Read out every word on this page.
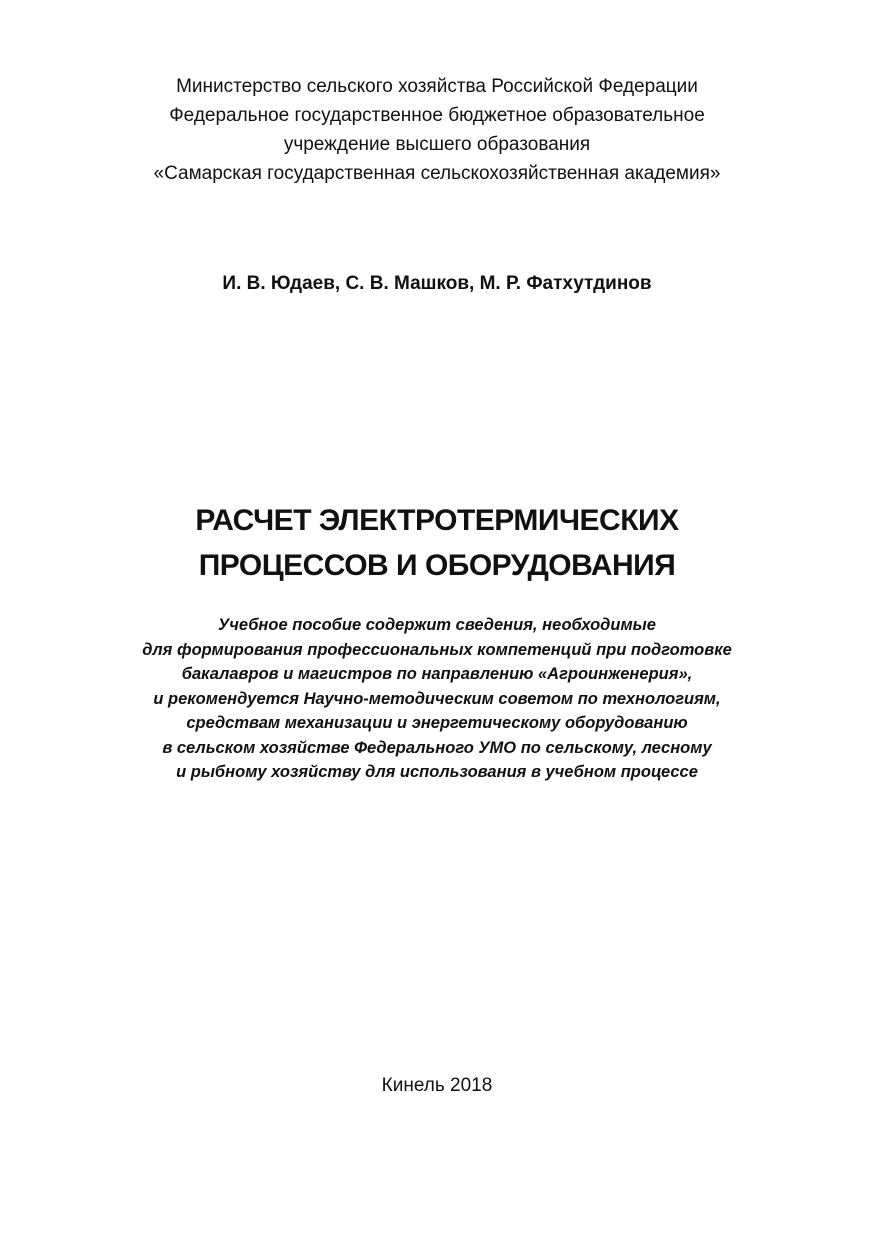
Министерство сельского хозяйства Российской Федерации
Федеральное государственное бюджетное образовательное
учреждение высшего образования
«Самарская государственная сельскохозяйственная академия»
И. В. Юдаев, С. В. Машков, М. Р. Фатхутдинов
РАСЧЕТ ЭЛЕКТРОТЕРМИЧЕСКИХ
ПРОЦЕССОВ И ОБОРУДОВАНИЯ
Учебное пособие содержит сведения, необходимые
для формирования профессиональных компетенций при подготовке
бакалавров и магистров по направлению «Агроинженерия»,
и рекомендуется Научно-методическим советом по технологиям,
средствам механизации и энергетическому оборудованию
в сельском хозяйстве Федерального УМО по сельскому, лесному
и рыбному хозяйству для использования в учебном процессе
Кинель 2018
